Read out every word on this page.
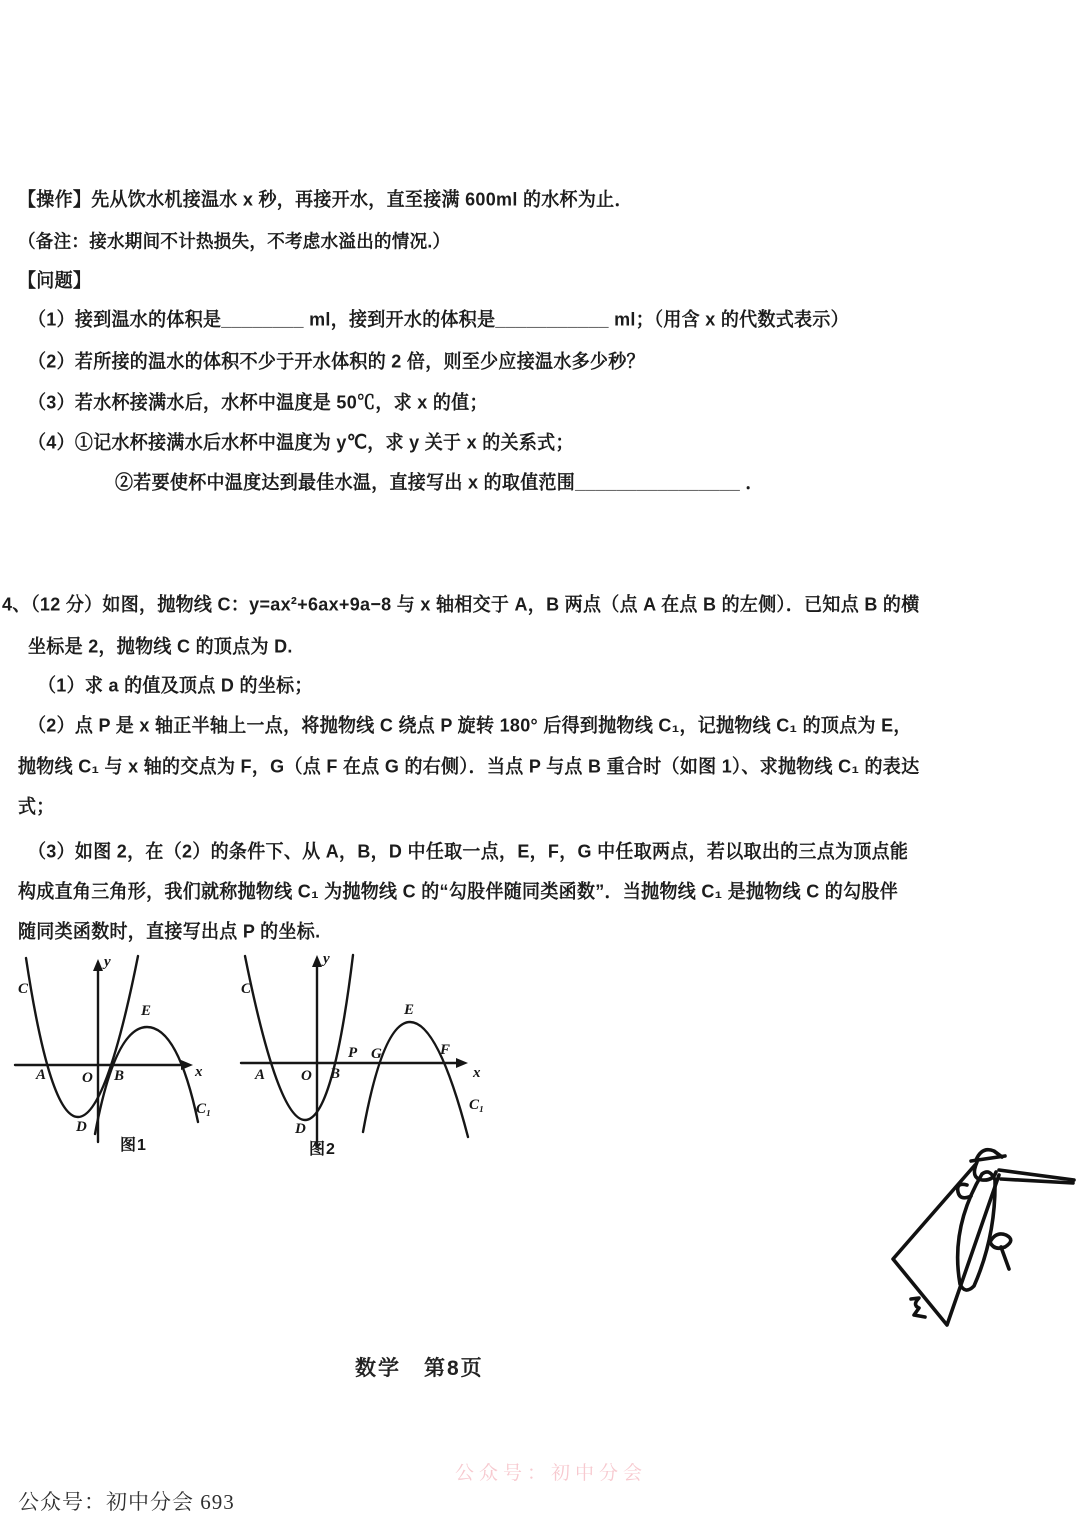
【操作】先从饮水机接温水 x 秒，再接开水，直至接满 600ml 的水杯为止．
（备注：接水期间不计热损失，不考虑水溢出的情况.）
【问题】
（1）接到温水的体积是________ ml，接到开水的体积是___________ ml；（用含 x 的代数式表示）
（2）若所接的温水的体积不少于开水体积的 2 倍，则至少应接温水多少秒？
（3）若水杯接满水后，水杯中温度是 50℃，求 x 的值；
（4）①记水杯接满水后水杯中温度为 y℃，求 y 关于 x 的关系式；
②若要使杯中温度达到最佳水温，直接写出 x 的取值范围________________ ．
4、（12 分）如图，抛物线 C：y=ax²+6ax+9a−8 与 x 轴相交于 A，B 两点（点 A 在点 B 的左侧）．已知点 B 的横
坐标是 2，抛物线 C 的顶点为 D.
（1）求 a 的值及顶点 D 的坐标；
（2）点 P 是 x 轴正半轴上一点，将抛物线 C 绕点 P 旋转 180° 后得到抛物线 C₁，记抛物线 C₁ 的顶点为 E，
抛物线 C₁ 与 x 轴的交点为 F，G（点 F 在点 G 的右侧）．当点 P 与点 B 重合时（如图 1）、求抛物线 C₁ 的表达
式；
（3）如图 2，在（2）的条件下、从 A，B，D 中任取一点，E，F，G 中任取两点，若以取出的三点为顶点能
构成直角三角形，我们就称抛物线 C₁ 为抛物线 C 的“勾股伴随同类函数”．当抛物线 C₁ 是抛物线 C 的勾股伴
随同类函数时，直接写出点 P 的坐标.
C
y
A O B
E
x
D
C₁
图1
C
y
A O B
P G
E
F
x
D
C₁
图2
数学　第8页
公众号：初中分会
公众号：初中分会 693
